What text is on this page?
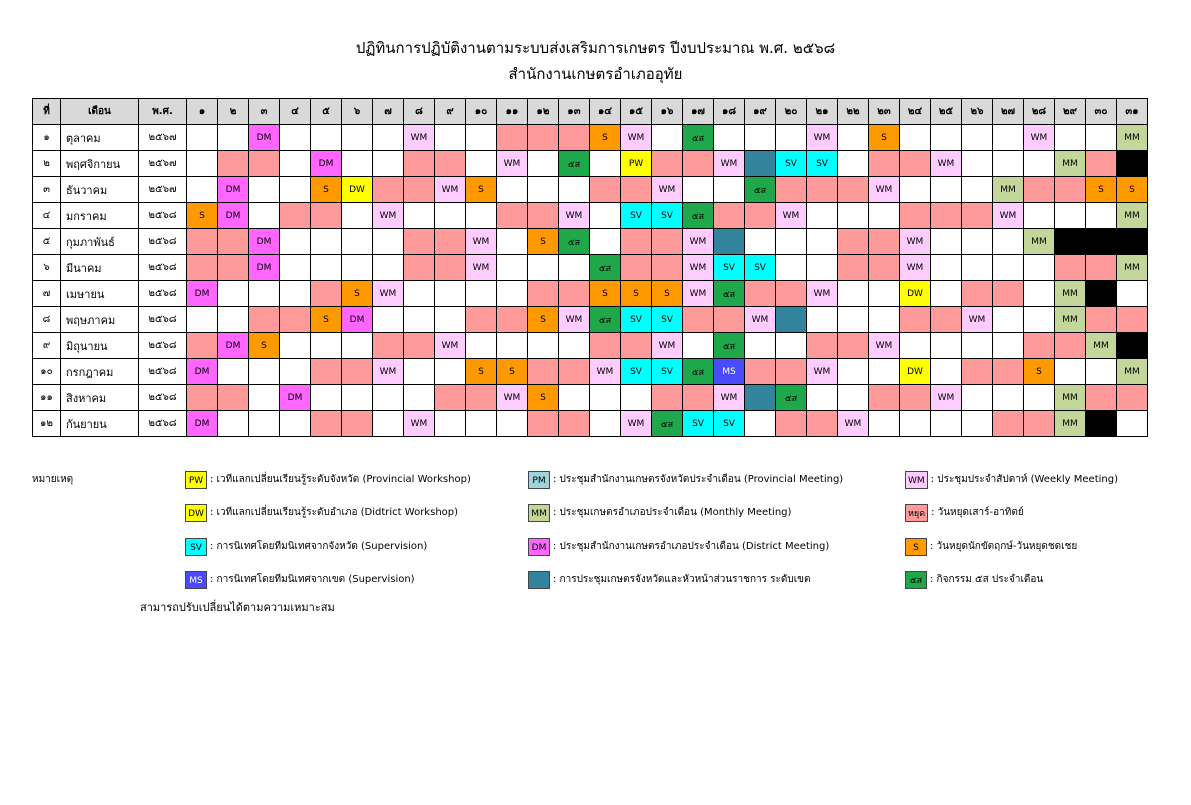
ปฏิทินการปฏิบัติงานตามระบบส่งเสริมการเกษตร ปีงบประมาณ พ.ศ. ๒๕๖๘
สำนักงานเกษตรอำเภออุทัย
ที่	เดือน	พ.ศ.	๑	๒	๓	๔	๕	๖	๗	๘	๙	๑๐	๑๑	๑๒	๑๓	๑๔	๑๕	๑๖	๑๗	๑๘	๑๙	๒๐	๒๑	๒๒	๒๓	๒๔	๒๕	๒๖	๒๗	๒๘	๒๙	๓๐	๓๑
๑	ตุลาคม	๒๕๖๗			DM					WM						S	WM		๕ส				WM		S					WM			MM
๒	พฤศจิกายน	๒๕๖๗					DM						WM		๕ส		PW			WM		SV	SV				WM				MM		
๓	ธันวาคม	๒๕๖๗		DM			S	DW			WM	S						WM			๕ส				WM				MM			S	S
๔	มกราคม	๒๕๖๘	S	DM					WM						WM		SV	SV	๕ส			WM							WM				MM
๕	กุมภาพันธ์	๒๕๖๘			DM							WM		S	๕ส				WM							WM				MM			
๖	มีนาคม	๒๕๖๘			DM							WM				๕ส			WM	SV	SV					WM							MM
๗	เมษายน	๒๕๖๘	DM					S	WM							S	S	S	WM	๕ส			WM			DW					MM		
๘	พฤษภาคม	๒๕๖๘					S	DM						S	WM	๕ส	SV	SV			WM							WM			MM		
๙	มิถุนายน	๒๕๖๘		DM	S						WM							WM		๕ส					WM							MM	
๑๐	กรกฎาคม	๒๕๖๘	DM						WM			S	S			WM	SV	SV	๕ส	MS			WM			DW				S			MM
๑๑	สิงหาคม	๒๕๖๘				DM							WM	S						WM		๕ส					WM				MM		
๑๒	กันยายน	๒๕๖๘	DM							WM							WM	๕ส	SV	SV				WM							MM		
หมายเหตุ	PW : เวทีแลกเปลี่ยนเรียนรู้ระดับจังหวัด (Provincial Workshop)	PM : ประชุมสำนักงานเกษตรจังหวัดประจำเดือน (Provincial Meeting)	WM : ประชุมประจำสัปดาห์ (Weekly Meeting)
DW : เวทีแลกเปลี่ยนเรียนรู้ระดับอำเภอ (Didtrict Workshop)	MM : ประชุมเกษตรอำเภอประจำเดือน (Monthly Meeting)	หยุด : วันหยุดเสาร์-อาทิตย์
SV : การนิเทศโดยทีมนิเทศจากจังหวัด (Supervision)	DM : ประชุมสำนักงานเกษตรอำเภอประจำเดือน (District Meeting)	S : วันหยุดนักขัตฤกษ์-วันหยุดชดเชย
MS : การนิเทศโดยทีมนิเทศจากเขต (Supervision)	: การประชุมเกษตรจังหวัดและหัวหน้าส่วนราชการ ระดับเขต	๕ส : กิจกรรม ๕ส ประจำเดือน
สามารถปรับเปลี่ยนได้ตามความเหมาะสม
